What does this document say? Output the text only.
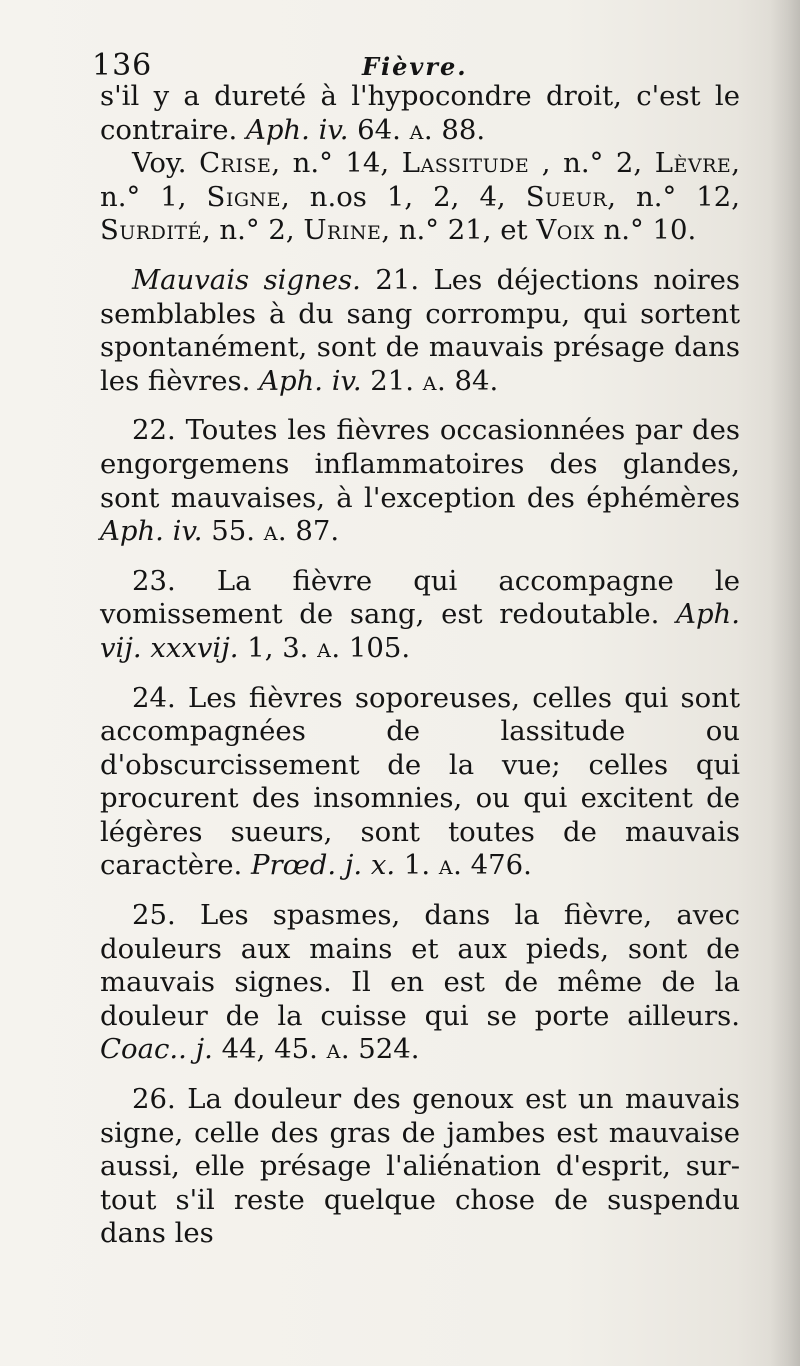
136	Fièvre.

s'il y a dureté à l'hypocondre droit, c'est le contraire. Aph. iv. 64. a. 88.

Voy. Crise, n.° 14, Lassitude , n.° 2, Lèvre, n.° 1, Signe, n.os 1, 2, 4, Sueur, n.° 12, Surdité, n.° 2, Urine, n.° 21, et Voix n.° 10.

Mauvais signes. 21. Les déjections noires semblables à du sang corrompu, qui sortent spontanément, sont de mauvais présage dans les fièvres. Aph. iv. 21. a. 84.

22. Toutes les fièvres occasionnées par des engorgemens inflammatoires des glandes, sont mauvaises, à l'exception des éphémères Aph. iv. 55. a. 87.

23. La fièvre qui accompagne le vomissement de sang, est redoutable. Aph. vij. xxxvij. 1, 3. a. 105.

24. Les fièvres soporeuses, celles qui sont accompagnées de lassitude ou d'obscurcissement de la vue; celles qui procurent des insomnies, ou qui excitent de légères sueurs, sont toutes de mauvais caractère. Prœd. j. x. 1. a. 476.

25. Les spasmes, dans la fièvre, avec douleurs aux mains et aux pieds, sont de mauvais signes. Il en est de même de la douleur de la cuisse qui se porte ailleurs. Coac.. j. 44, 45. a. 524.

26. La douleur des genoux est un mauvais signe, celle des gras de jambes est mauvaise aussi, elle présage l'aliénation d'esprit, sur-tout s'il reste quelque chose de suspendu dans les
